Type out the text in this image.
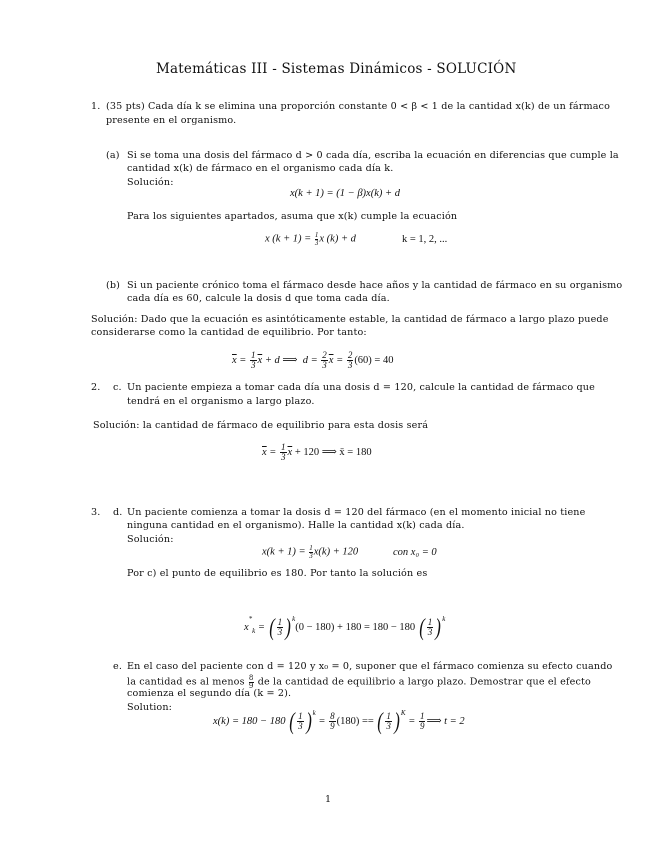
Matemáticas III - Sistemas Dinámicos - SOLUCIÓN
1. (35 pts) Cada día k se elimina una proporción constante 0 < β < 1 de la cantidad x(k) de un fármaco
presente en el organismo.
(a) Si se toma una dosis del fármaco d > 0 cada día, escriba la ecuación en diferencias que cumple la
cantidad x(k) de fármaco en el organismo cada día k.
Solución:
x(k + 1) = (1 − β)x(k) + d
Para los siguientes apartados, asuma que x(k) cumple la ecuación
x $(k + 1) = \frac{1}{3}x$ (k) + d	k = 1, 2, ...
(b) Si un paciente crónico toma el fármaco desde hace años y la cantidad de fármaco en su organismo
cada día es 60, calcule la dosis d que toma cada día.
Solución: Dado que la ecuación es asintóticamente estable, la cantidad de fármaco a largo plazo puede
considerarse como la cantidad de equilibrio. Por tanto:
$\overline{x} = \frac{1}{3} \overline{x} + d$ ⟹  $d = \frac{2}{3} \overline{x} = \frac{2}{3} (60) = 40$
2. c. Un paciente empieza a tomar cada día una dosis d = 120, calcule la cantidad de fármaco que
tendrá en el organismo a largo plazo.
Solución: la cantidad de fármaco de equilibrio para esta dosis será
$\overline{x} = \frac{1}{3} \overline{x} + 120$ ⟹ x̄ = 180
3. d. Un paciente comienza a tomar la dosis d = 120 del fármaco (en el momento inicial no tiene
ninguna cantidad en el organismo). Halle la cantidad x(k) cada día.
Solución:
$x(k + 1) = \frac{1}{3}x(k) + 120$	con x₀ = 0
Por c) el punto de equilibrio es 180. Por tanto la solución es
$x^*_k$ = ( $\frac{1}{3} )^k(0 - 180) + 180 = 180 - 180$ ( $\frac{1}{3} )^k$
e. En el caso del paciente con d = 120 y x₀ = 0, suponer que el fármaco comienza su efecto cuando
la cantidad es al menos $\frac{8}{9}$ de la cantidad de equilibrio a largo plazo. Demostrar que el efecto
comienza el segundo día (k = 2).
Solution:
x(k) = 180 − 180 ( $\frac{1}{3} )^k = \frac{8}{9} (180)$ == ( $\frac{1}{3} )^K = \frac{1}{9}$ ⟹ t = 2
1
